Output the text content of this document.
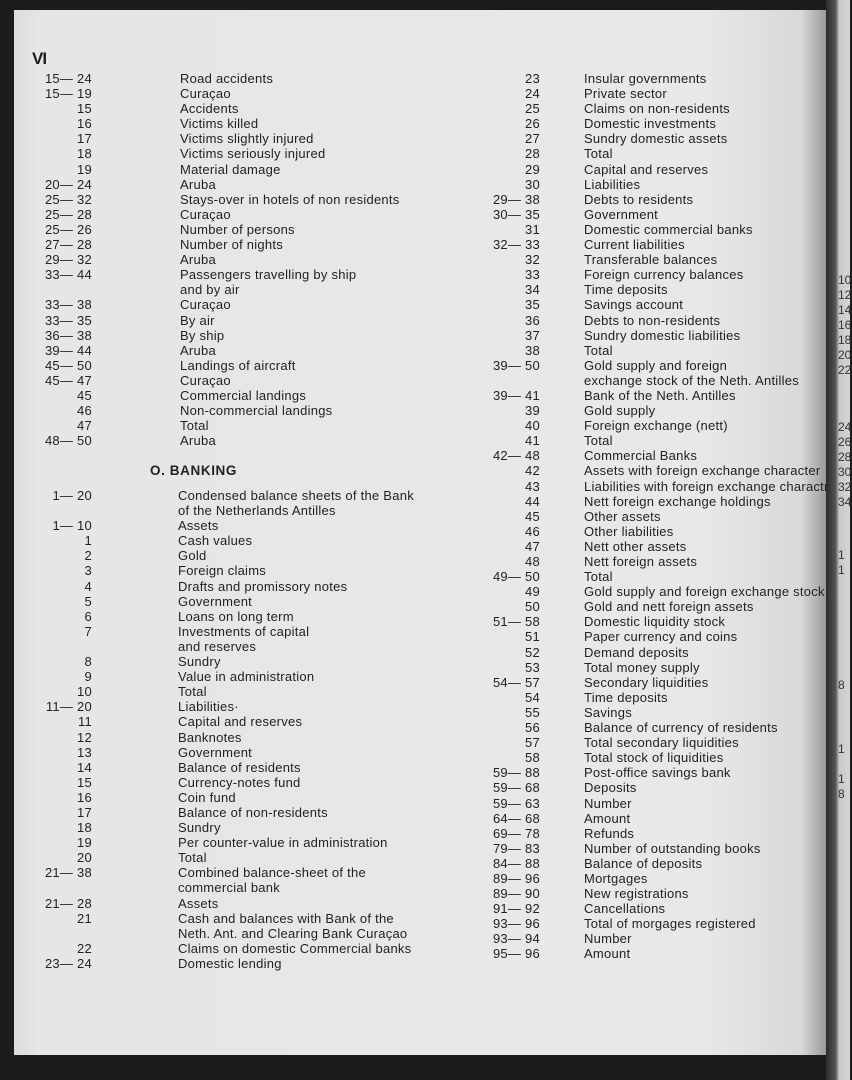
VI
15— 24	Road accidents
15— 19	Curaçao
15	Accidents
16	Victims killed
17	Victims slightly injured
18	Victims seriously injured
19	Material damage
20— 24	Aruba
25— 32	Stays-over in hotels of non residents
25— 28	Curaçao
25— 26	Number of persons
27— 28	Number of nights
29— 32	Aruba
33— 44	Passengers travelling by ship
and by air
33— 38	Curaçao
33— 35	By air
36— 38	By ship
39— 44	Aruba
45— 50	Landings of aircraft
45— 47	Curaçao
45	Commercial landings
46	Non-commercial landings
47	Total
48— 50	Aruba
O. BANKING
1— 20	Condensed balance sheets of the Bank
of the Netherlands Antilles
1— 10	Assets
1	Cash values
2	Gold
3	Foreign claims
4	Drafts and promissory notes
5	Government
6	Loans on long term
7	Investments of capital
and reserves
8	Sundry
9	Value in administration
10	Total
11— 20	Liabilities·
11	Capital and reserves
12	Banknotes
13	Government
14	Balance of residents
15	Currency-notes fund
16	Coin fund
17	Balance of non-residents
18	Sundry
19	Per counter-value in administration
20	Total
21— 38	Combined balance-sheet of the
commercial bank
21— 28	Assets
21	Cash and balances with Bank of the
Neth. Ant. and Clearing Bank Curaçao
22	Claims on domestic Commercial banks
23— 24	Domestic lending
23	Insular governments
24	Private sector
25	Claims on non-residents
26	Domestic investments
27	Sundry domestic assets
28	Total
29	Capital and reserves
30	Liabilities
29— 38	Debts to residents
30— 35	Government
31	Domestic commercial banks
32— 33	Current liabilities
32	Transferable balances
33	Foreign currency balances
34	Time deposits
35	Savings account
36	Debts to non-residents
37	Sundry domestic liabilities
38	Total
39— 50	Gold supply and foreign
exchange stock of the Neth. Antilles
39— 41	Bank of the Neth. Antilles
39	Gold supply
40	Foreign exchange (nett)
41	Total
42— 48	Commercial Banks
42	Assets with foreign exchange character
43	Liabilities with foreign exchange charactr
44	Nett foreign exchange holdings
45	Other assets
46	Other liabilities
47	Nett other assets
48	Nett foreign assets
49— 50	Total
49	Gold supply and foreign exchange stock
50	Gold and nett foreign assets
51— 58	Domestic liquidity stock
51	Paper currency and coins
52	Demand deposits
53	Total money supply
54— 57	Secondary liquidities
54	Time deposits
55	Savings
56	Balance of currency of residents
57	Total secondary liquidities
58	Total stock of liquidities
59— 88	Post-office savings bank
59— 68	Deposits
59— 63	Number
64— 68	Amount
69— 78	Refunds
79— 83	Number of outstanding books
84— 88	Balance of deposits
89— 96	Mortgages
89— 90	New registrations
91— 92	Cancellations
93— 96	Total of morgages registered
93— 94	Number
95— 96	Amount
10
12
14
16
18
20
22
24
26
28
30
32
34
1
1
8
1
1
8
